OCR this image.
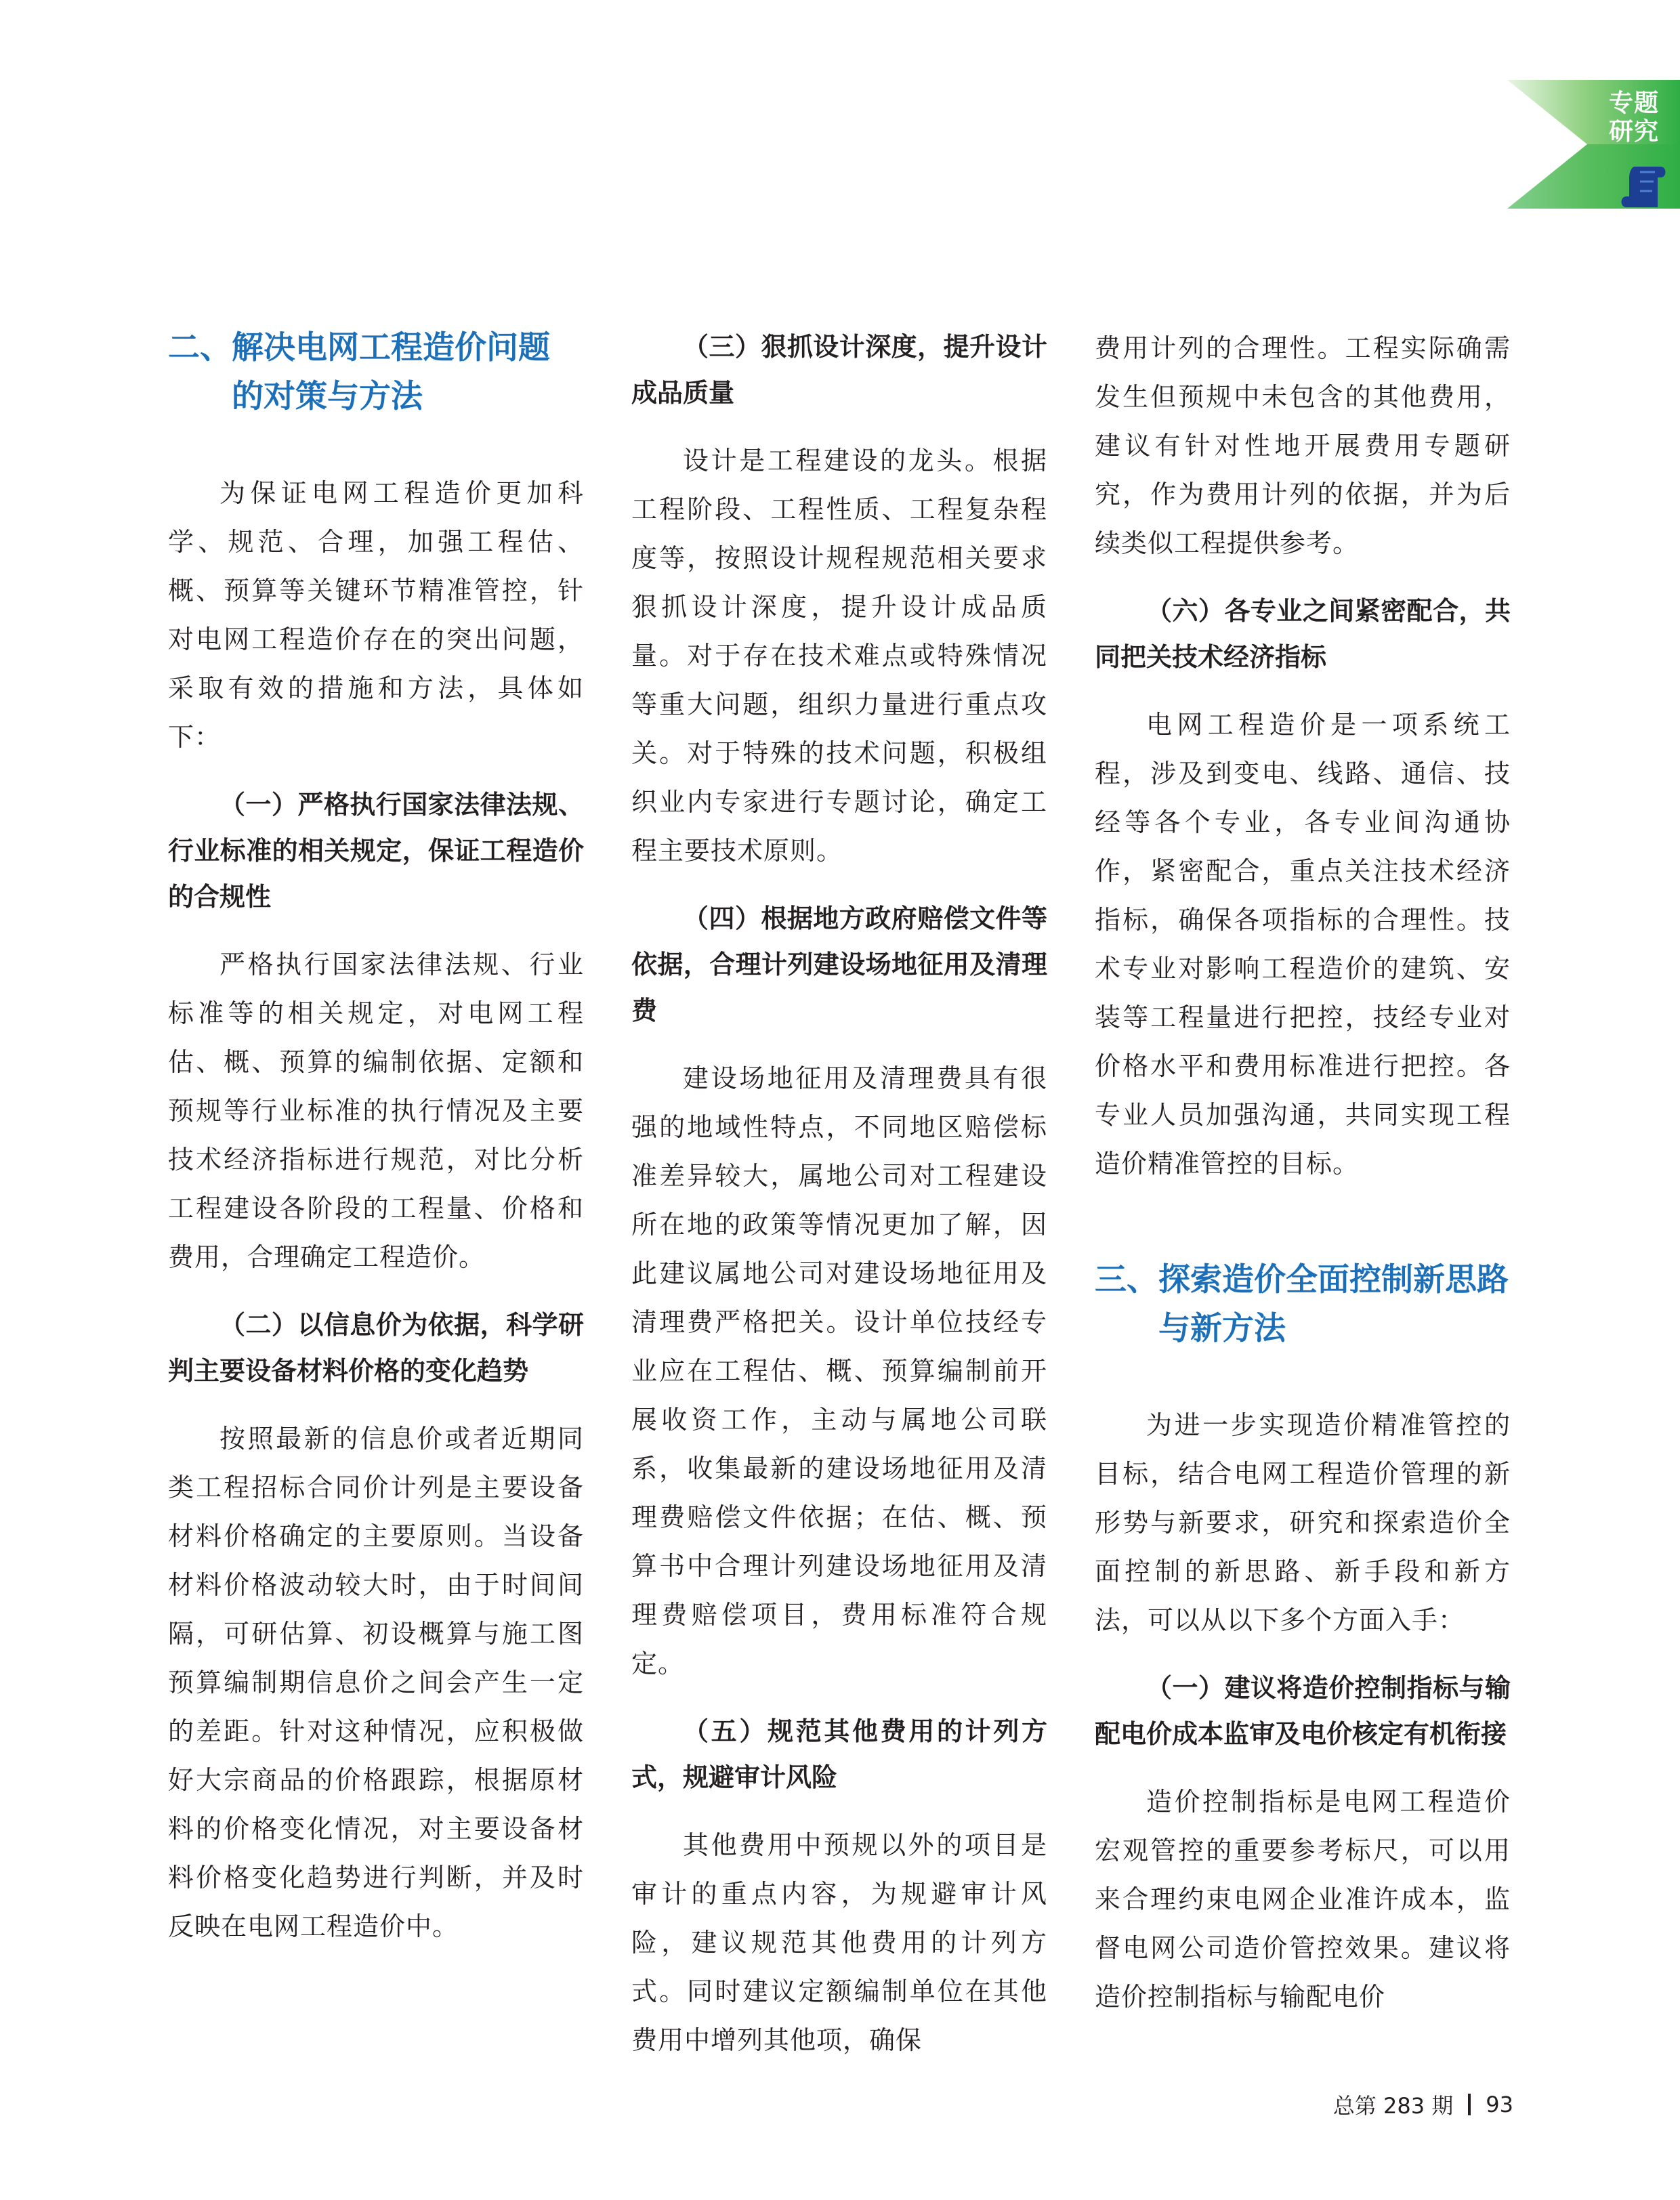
专题
研究
二、解决电网工程造价问题
的对策与方法

为保证电网工程造价更加科学、规范、合理，加强工程估、概、预算等关键环节精准管控，针对电网工程造价存在的突出问题，采取有效的措施和方法，具体如下：

（一）严格执行国家法律法规、行业标准的相关规定，保证工程造价的合规性

严格执行国家法律法规、行业标准等的相关规定，对电网工程估、概、预算的编制依据、定额和预规等行业标准的执行情况及主要技术经济指标进行规范，对比分析工程建设各阶段的工程量、价格和费用，合理确定工程造价。

（二）以信息价为依据，科学研判主要设备材料价格的变化趋势

按照最新的信息价或者近期同类工程招标合同价计列是主要设备材料价格确定的主要原则。当设备材料价格波动较大时，由于时间间隔，可研估算、初设概算与施工图预算编制期信息价之间会产生一定的差距。针对这种情况，应积极做好大宗商品的价格跟踪，根据原材料的价格变化情况，对主要设备材料价格变化趋势进行判断，并及时反映在电网工程造价中。

（三）狠抓设计深度，提升设计成品质量

设计是工程建设的龙头。根据工程阶段、工程性质、工程复杂程度等，按照设计规程规范相关要求狠抓设计深度，提升设计成品质量。对于存在技术难点或特殊情况等重大问题，组织力量进行重点攻关。对于特殊的技术问题，积极组织业内专家进行专题讨论，确定工程主要技术原则。

（四）根据地方政府赔偿文件等依据，合理计列建设场地征用及清理费

建设场地征用及清理费具有很强的地域性特点，不同地区赔偿标准差异较大，属地公司对工程建设所在地的政策等情况更加了解，因此建议属地公司对建设场地征用及清理费严格把关。设计单位技经专业应在工程估、概、预算编制前开展收资工作，主动与属地公司联系，收集最新的建设场地征用及清理费赔偿文件依据；在估、概、预算书中合理计列建设场地征用及清理费赔偿项目，费用标准符合规定。

（五）规范其他费用的计列方式，规避审计风险

其他费用中预规以外的项目是审计的重点内容，为规避审计风险，建议规范其他费用的计列方式。同时建议定额编制单位在其他费用中增列其他项，确保

费用计列的合理性。工程实际确需发生但预规中未包含的其他费用，建议有针对性地开展费用专题研究，作为费用计列的依据，并为后续类似工程提供参考。

（六）各专业之间紧密配合，共同把关技术经济指标

电网工程造价是一项系统工程，涉及到变电、线路、通信、技经等各个专业，各专业间沟通协作，紧密配合，重点关注技术经济指标，确保各项指标的合理性。技术专业对影响工程造价的建筑、安装等工程量进行把控，技经专业对价格水平和费用标准进行把控。各专业人员加强沟通，共同实现工程造价精准管控的目标。

三、探索造价全面控制新思路
与新方法

为进一步实现造价精准管控的目标，结合电网工程造价管理的新形势与新要求，研究和探索造价全面控制的新思路、新手段和新方法，可以从以下多个方面入手：

（一）建议将造价控制指标与输配电价成本监审及电价核定有机衔接

造价控制指标是电网工程造价宏观管控的重要参考标尺，可以用来合理约束电网企业准许成本，监督电网公司造价管控效果。建议将造价控制指标与输配电价

总第 283 期 93
